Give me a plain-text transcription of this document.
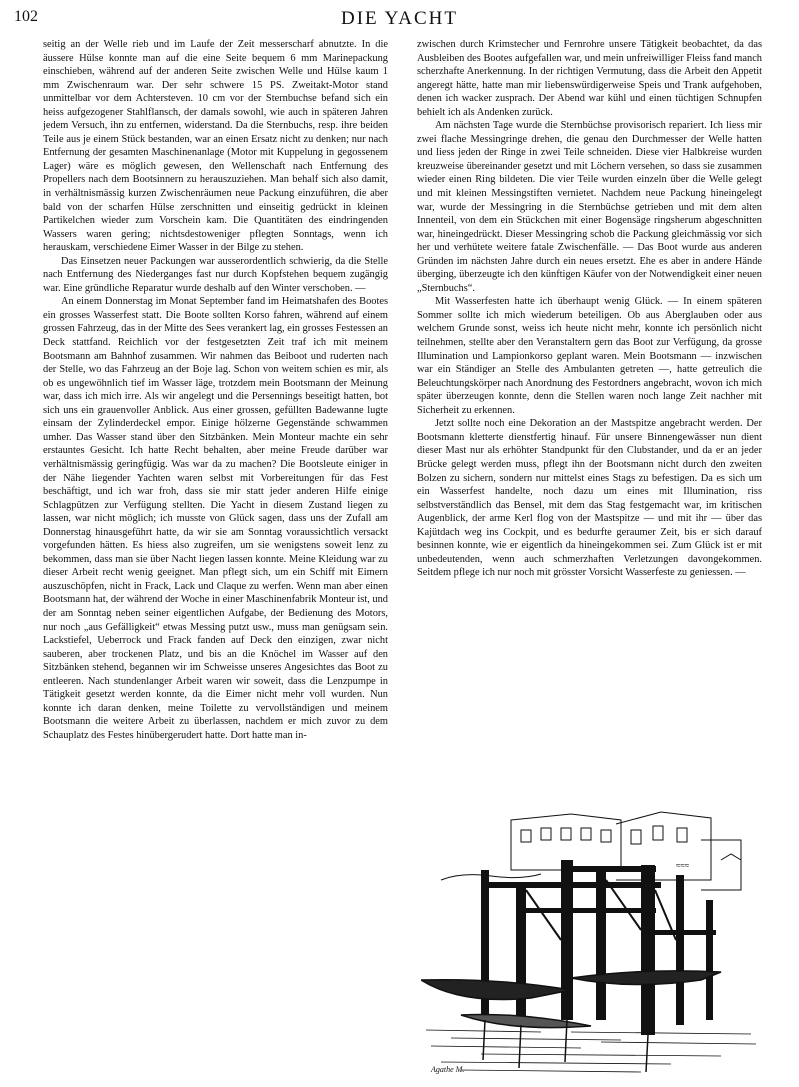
102	DIE YACHT

seitig an der Welle rieb und im Laufe der Zeit messerscharf abnutzte. In die äussere Hülse konnte man auf die eine Seite bequem 6 mm Marinepackung einschieben, während auf der anderen Seite zwischen Welle und Hülse kaum 1 mm Zwischenraum war. Der sehr schwere 15 PS. Zweitakt-Motor stand unmittelbar vor dem Achtersteven. 10 cm vor der Sternbuchse befand sich ein heiss aufgezogener Stahlflansch, der damals sowohl, wie auch in späteren Jahren jedem Versuch, ihn zu entfernen, widerstand. Da die Sternbuchs, resp. ihre beiden Teile aus je einem Stück bestanden, war an einen Ersatz nicht zu denken; nur nach Entfernung der gesamten Maschinenanlage (Motor mit Kuppelung in gegossenem Lager) wäre es möglich gewesen, den Wellenschaft nach Entfernung des Propellers nach dem Bootsinnern zu herauszuziehen. Man behalf sich also damit, in verhältnismässig kurzen Zwischenräumen neue Packung einzuführen, die aber bald von der scharfen Hülse zerschnitten und einseitig gedrückt in kleinen Partikelchen wieder zum Vorschein kam. Die Quantitäten des eindringenden Wassers waren gering; nichtsdestoweniger pflegten Sonntags, wenn ich herauskam, verschiedene Eimer Wasser in der Bilge zu stehen.

Das Einsetzen neuer Packungen war ausserordentlich schwierig, da die Stelle nach Entfernung des Niederganges fast nur durch Kopfstehen bequem zugängig war. Eine gründliche Reparatur wurde deshalb auf den Winter verschoben. —

An einem Donnerstag im Monat September fand im Heimatshafen des Bootes ein grosses Wasserfest statt. Die Boote sollten Korso fahren, während auf einem grossen Fahrzeug, das in der Mitte des Sees verankert lag, ein grosses Festessen an Deck stattfand. Reichlich vor der festgesetzten Zeit traf ich mit meinem Bootsmann am Bahnhof zusammen. Wir nahmen das Beiboot und ruderten nach der Stelle, wo das Fahrzeug an der Boje lag. Schon von weitem schien es mir, als ob es ungewöhnlich tief im Wasser läge, trotzdem mein Bootsmann der Meinung war, dass ich mich irre. Als wir angelegt und die Persennings beseitigt hatten, bot sich uns ein grauenvoller Anblick. Aus einer grossen, gefüllten Badewanne lugte einsam der Zylinderdeckel empor. Einige hölzerne Gegenstände schwammen umher. Das Wasser stand über den Sitzbänken. Mein Monteur machte ein sehr erstauntes Gesicht. Ich hatte Recht behalten, aber meine Freude darüber war verhältnismässig geringfügig. Was war da zu machen? Die Bootsleute einiger in der Nähe liegender Yachten waren selbst mit Vorbereitungen für das Fest beschäftigt, und ich war froh, dass sie mir statt jeder anderen Hilfe einige Schlagpützen zur Verfügung stellten. Die Yacht in diesem Zustand liegen zu lassen, war nicht möglich; ich musste von Glück sagen, dass uns der Zufall am Donnerstag hinausgeführt hatte, da wir sie am Sonntag voraussichtlich versackt vorgefunden hätten. Es hiess also zugreifen, um sie wenigstens soweit lenz zu bekommen, dass man sie über Nacht liegen lassen konnte. Meine Kleidung war zu dieser Arbeit recht wenig geeignet. Man pflegt sich, um ein Schiff mit Eimern auszuschöpfen, nicht in Frack, Lack und Claque zu werfen. Wenn man aber einen Bootsmann hat, der während der Woche in einer Maschinenfabrik Monteur ist, und der am Sonntag neben seiner eigentlichen Aufgabe, der Bedienung des Motors, nur noch „aus Gefälligkeit“ etwas Messing putzt usw., muss man genügsam sein. Lackstiefel, Ueberrock und Frack fanden auf Deck den einzigen, zwar nicht sauberen, aber trockenen Platz, und bis an die Knöchel im Wasser auf den Sitzbänken stehend, begannen wir im Schweisse unseres Angesichtes das Boot zu entleeren. Nach stundenlanger Arbeit waren wir soweit, dass die Lenzpumpe in Tätigkeit gesetzt werden konnte, da die Eimer nicht mehr voll wurden. Nun konnte ich daran denken, meine Toilette zu vervollständigen und meinem Bootsmann die weitere Arbeit zu überlassen, nachdem er mich zuvor zu dem Schauplatz des Festes hinübergerudert hatte. Dort hatte man in-

zwischen durch Krimstecher und Fernrohre unsere Tätigkeit beobachtet, da das Ausbleiben des Bootes aufgefallen war, und mein unfreiwilliger Fleiss fand manch scherzhafte Anerkennung. In der richtigen Vermutung, dass die Arbeit den Appetit angeregt hätte, hatte man mir liebenswürdigerweise Speis und Trank aufgehoben, denen ich wacker zusprach. Der Abend war kühl und einen tüchtigen Schnupfen behielt ich als Andenken zurück.

Am nächsten Tage wurde die Sternbüchse provisorisch repariert. Ich liess mir zwei flache Messingringe drehen, die genau den Durchmesser der Welle hatten und liess jeden der Ringe in zwei Teile schneiden. Diese vier Halbkreise wurden kreuzweise übereinander gesetzt und mit Löchern versehen, so dass sie zusammen wieder einen Ring bildeten. Die vier Teile wurden einzeln über die Welle gelegt und mit kleinen Messingstiften vernietet. Nachdem neue Packung hineingelegt war, wurde der Messingring in die Sternbüchse getrieben und mit dem alten Innenteil, von dem ein Stückchen mit einer Bogensäge ringsherum abgeschnitten war, hineingedrückt. Dieser Messingring schob die Packung gleichmässig vor sich her und verhütete weitere fatale Zwischenfälle. — Das Boot wurde aus anderen Gründen im nächsten Jahre durch ein neues ersetzt. Ehe es aber in andere Hände überging, überzeugte ich den künftigen Käufer von der Notwendigkeit einer neuen „Sternbuchs“.

Mit Wasserfesten hatte ich überhaupt wenig Glück. — In einem späteren Sommer sollte ich mich wiederum beteiligen. Ob aus Aberglauben oder aus welchem Grunde sonst, weiss ich heute nicht mehr, konnte ich persönlich nicht teilnehmen, stellte aber den Veranstaltern gern das Boot zur Verfügung, da grosse Illumination und Lampionkorso geplant waren. Mein Bootsmann — inzwischen war ein Ständiger an Stelle des Ambulanten getreten —, hatte getreulich die Beleuchtungskörper nach Anordnung des Festordners angebracht, wovon ich mich später überzeugen konnte, denn die Stellen waren noch lange Zeit nachher mit Sicherheit zu erkennen.

Jetzt sollte noch eine Dekoration an der Mastspitze angebracht werden. Der Bootsmann kletterte dienstfertig hinauf. Für unsere Binnengewässer nun dient dieser Mast nur als erhöhter Standpunkt für den Clubstander, und da er an jeder Brücke gelegt werden muss, pflegt ihn der Bootsmann nicht durch den zweiten Bolzen zu sichern, sondern nur mittelst eines Stags zu befestigen. Da es sich um ein Wasserfest handelte, noch dazu um eines mit Illumination, riss selbstverständlich das Bensel, mit dem das Stag festgemacht war, im kritischen Augenblick, der arme Kerl flog von der Mastspitze — und mit ihr — über das Kajütdach weg ins Cockpit, und es bedurfte geraumer Zeit, bis er sich darauf besinnen konnte, wie er eigentlich da hineingekommen sei. Zum Glück ist er mit unbedeutenden, wenn auch schmerzhaften Verletzungen davongekommen. Seitdem pflege ich nur noch mit grösster Vorsicht Wasserfeste zu geniessen. —

≈≈≈
Agathe M.
